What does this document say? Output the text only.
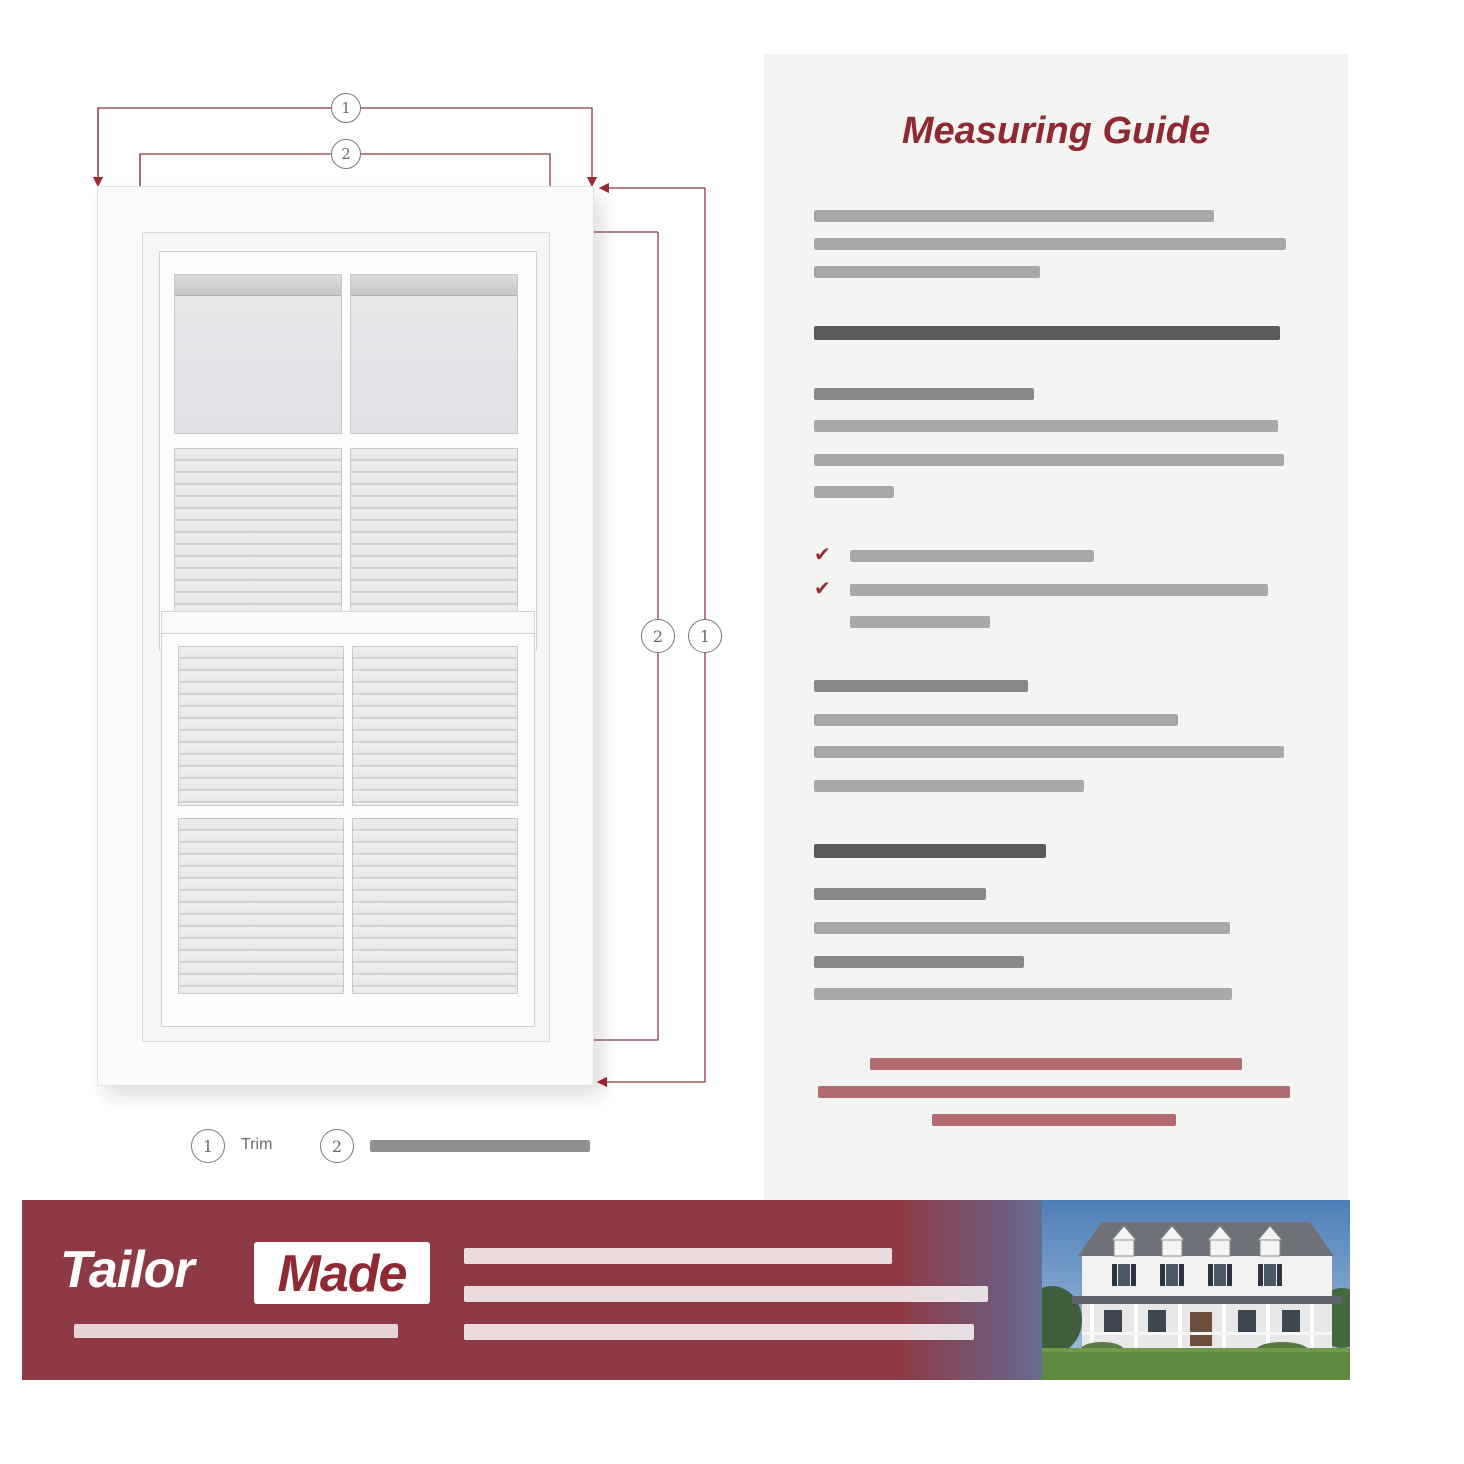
1
2
2 1
1 Trim	2
Measuring Guide
✔
✔
Tailor	Made
